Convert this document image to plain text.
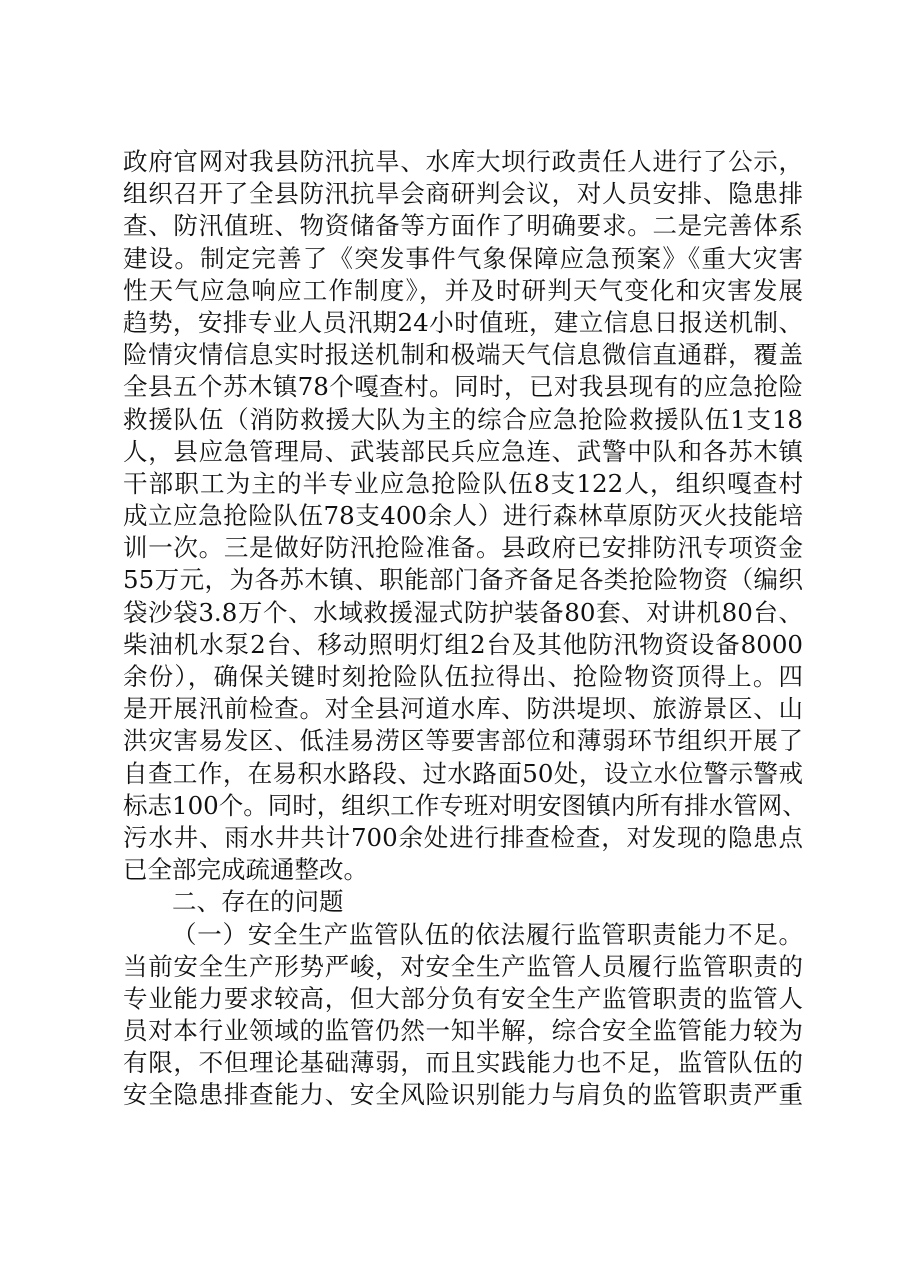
政府官网对我县防汛抗旱、水库大坝行政责任人进行了公示，
组织召开了全县防汛抗旱会商研判会议，对人员安排、隐患排
查、防汛值班、物资储备等方面作了明确要求。二是完善体系
建设。制定完善了《突发事件气象保障应急预案》《重大灾害
性天气应急响应工作制度》，并及时研判天气变化和灾害发展
趋势，安排专业人员汛期24小时值班，建立信息日报送机制、
险情灾情信息实时报送机制和极端天气信息微信直通群，覆盖
全县五个苏木镇78个嘎查村。同时，已对我县现有的应急抢险
救援队伍（消防救援大队为主的综合应急抢险救援队伍1支18
人，县应急管理局、武装部民兵应急连、武警中队和各苏木镇
干部职工为主的半专业应急抢险队伍8支122人，组织嘎查村
成立应急抢险队伍78支400余人）进行森林草原防灭火技能培
训一次。三是做好防汛抢险准备。县政府已安排防汛专项资金
55万元，为各苏木镇、职能部门备齐备足各类抢险物资（编织
袋沙袋3.8万个、水域救援湿式防护装备80套、对讲机80台、
柴油机水泵2台、移动照明灯组2台及其他防汛物资设备8000
余份），确保关键时刻抢险队伍拉得出、抢险物资顶得上。四
是开展汛前检查。对全县河道水库、防洪堤坝、旅游景区、山
洪灾害易发区、低洼易涝区等要害部位和薄弱环节组织开展了
自查工作，在易积水路段、过水路面50处，设立水位警示警戒
标志100个。同时，组织工作专班对明安图镇内所有排水管网、
污水井、雨水井共计700余处进行排查检查，对发现的隐患点
已全部完成疏通整改。
二、存在的问题
（一）安全生产监管队伍的依法履行监管职责能力不足。
当前安全生产形势严峻，对安全生产监管人员履行监管职责的
专业能力要求较高，但大部分负有安全生产监管职责的监管人
员对本行业领域的监管仍然一知半解，综合安全监管能力较为
有限，不但理论基础薄弱，而且实践能力也不足，监管队伍的
安全隐患排查能力、安全风险识别能力与肩负的监管职责严重
